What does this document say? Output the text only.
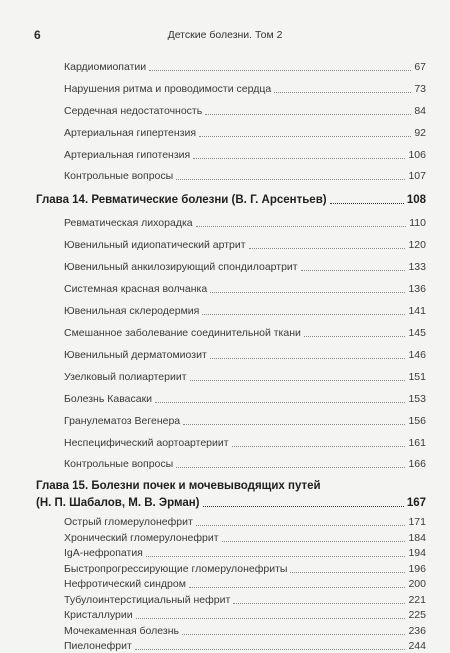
6	Детские болезни. Том 2
Кардиомиопатии	67
Нарушения ритма и проводимости сердца	73
Сердечная недостаточность	84
Артериальная гипертензия	92
Артериальная гипотензия	106
Контрольные вопросы	107
Глава 14. Ревматические болезни (В. Г. Арсентьев)	108
Ревматическая лихорадка	110
Ювенильный идиопатический артрит	120
Ювенильный анкилозирующий спондилоартрит	133
Системная красная волчанка	136
Ювенильная склеродермия	141
Смешанное заболевание соединительной ткани	145
Ювенильный дерматомиозит	146
Узелковый полиартериит	151
Болезнь Кавасаки	153
Гранулематоз Вегенера	156
Неспецифический аортоартериит	161
Контрольные вопросы	166
Глава 15. Болезни почек и мочевыводящих путей
(Н. П. Шабалов, М. В. Эрман)	167
Острый гломерулонефрит	171
Хронический гломерулонефрит	184
IgA-нефропатия	194
Быстропрогрессирующие гломерулонефриты	196
Нефротический синдром	200
Тубулоинтерстициальный нефрит	221
Кристаллурии	225
Мочекаменная болезнь	236
Пиелонефрит	244
